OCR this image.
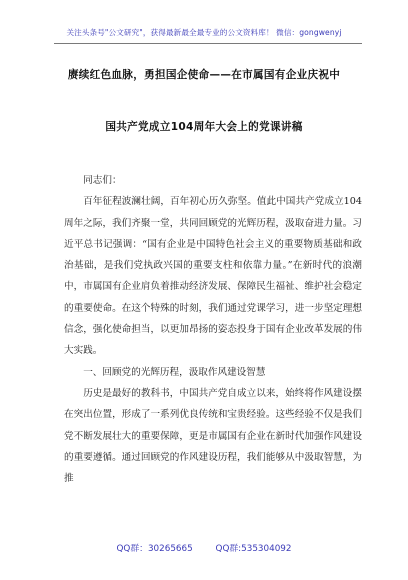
关注头条号"公文研究"，获得最新最全最专业的公文资料库！ 微信：gongwenyj
赓续红色血脉，勇担国企使命——在市属国有企业庆祝中
国共产党成立104周年大会上的党课讲稿

同志们：

百年征程波澜壮阔，百年初心历久弥坚。值此中国共产党成立104周年之际，我们齐聚一堂，共同回顾党的光辉历程，汲取奋进力量。习近平总书记强调：“国有企业是中国特色社会主义的重要物质基础和政治基础，是我们党执政兴国的重要支柱和依靠力量。”在新时代的浪潮中，市属国有企业肩负着推动经济发展、保障民生福祉、维护社会稳定的重要使命。在这个特殊的时刻，我们通过党课学习，进一步坚定理想信念，强化使命担当，以更加昂扬的姿态投身于国有企业改革发展的伟大实践。

一、回顾党的光辉历程，汲取作风建设智慧

历史是最好的教科书，中国共产党自成立以来，始终将作风建设摆在突出位置，形成了一系列优良传统和宝贵经验。这些经验不仅是我们党不断发展壮大的重要保障，更是市属国有企业在新时代加强作风建设的重要遵循。通过回顾党的作风建设历程，我们能够从中汲取智慧，为推

QQ群：30265665	QQ群:535304092
